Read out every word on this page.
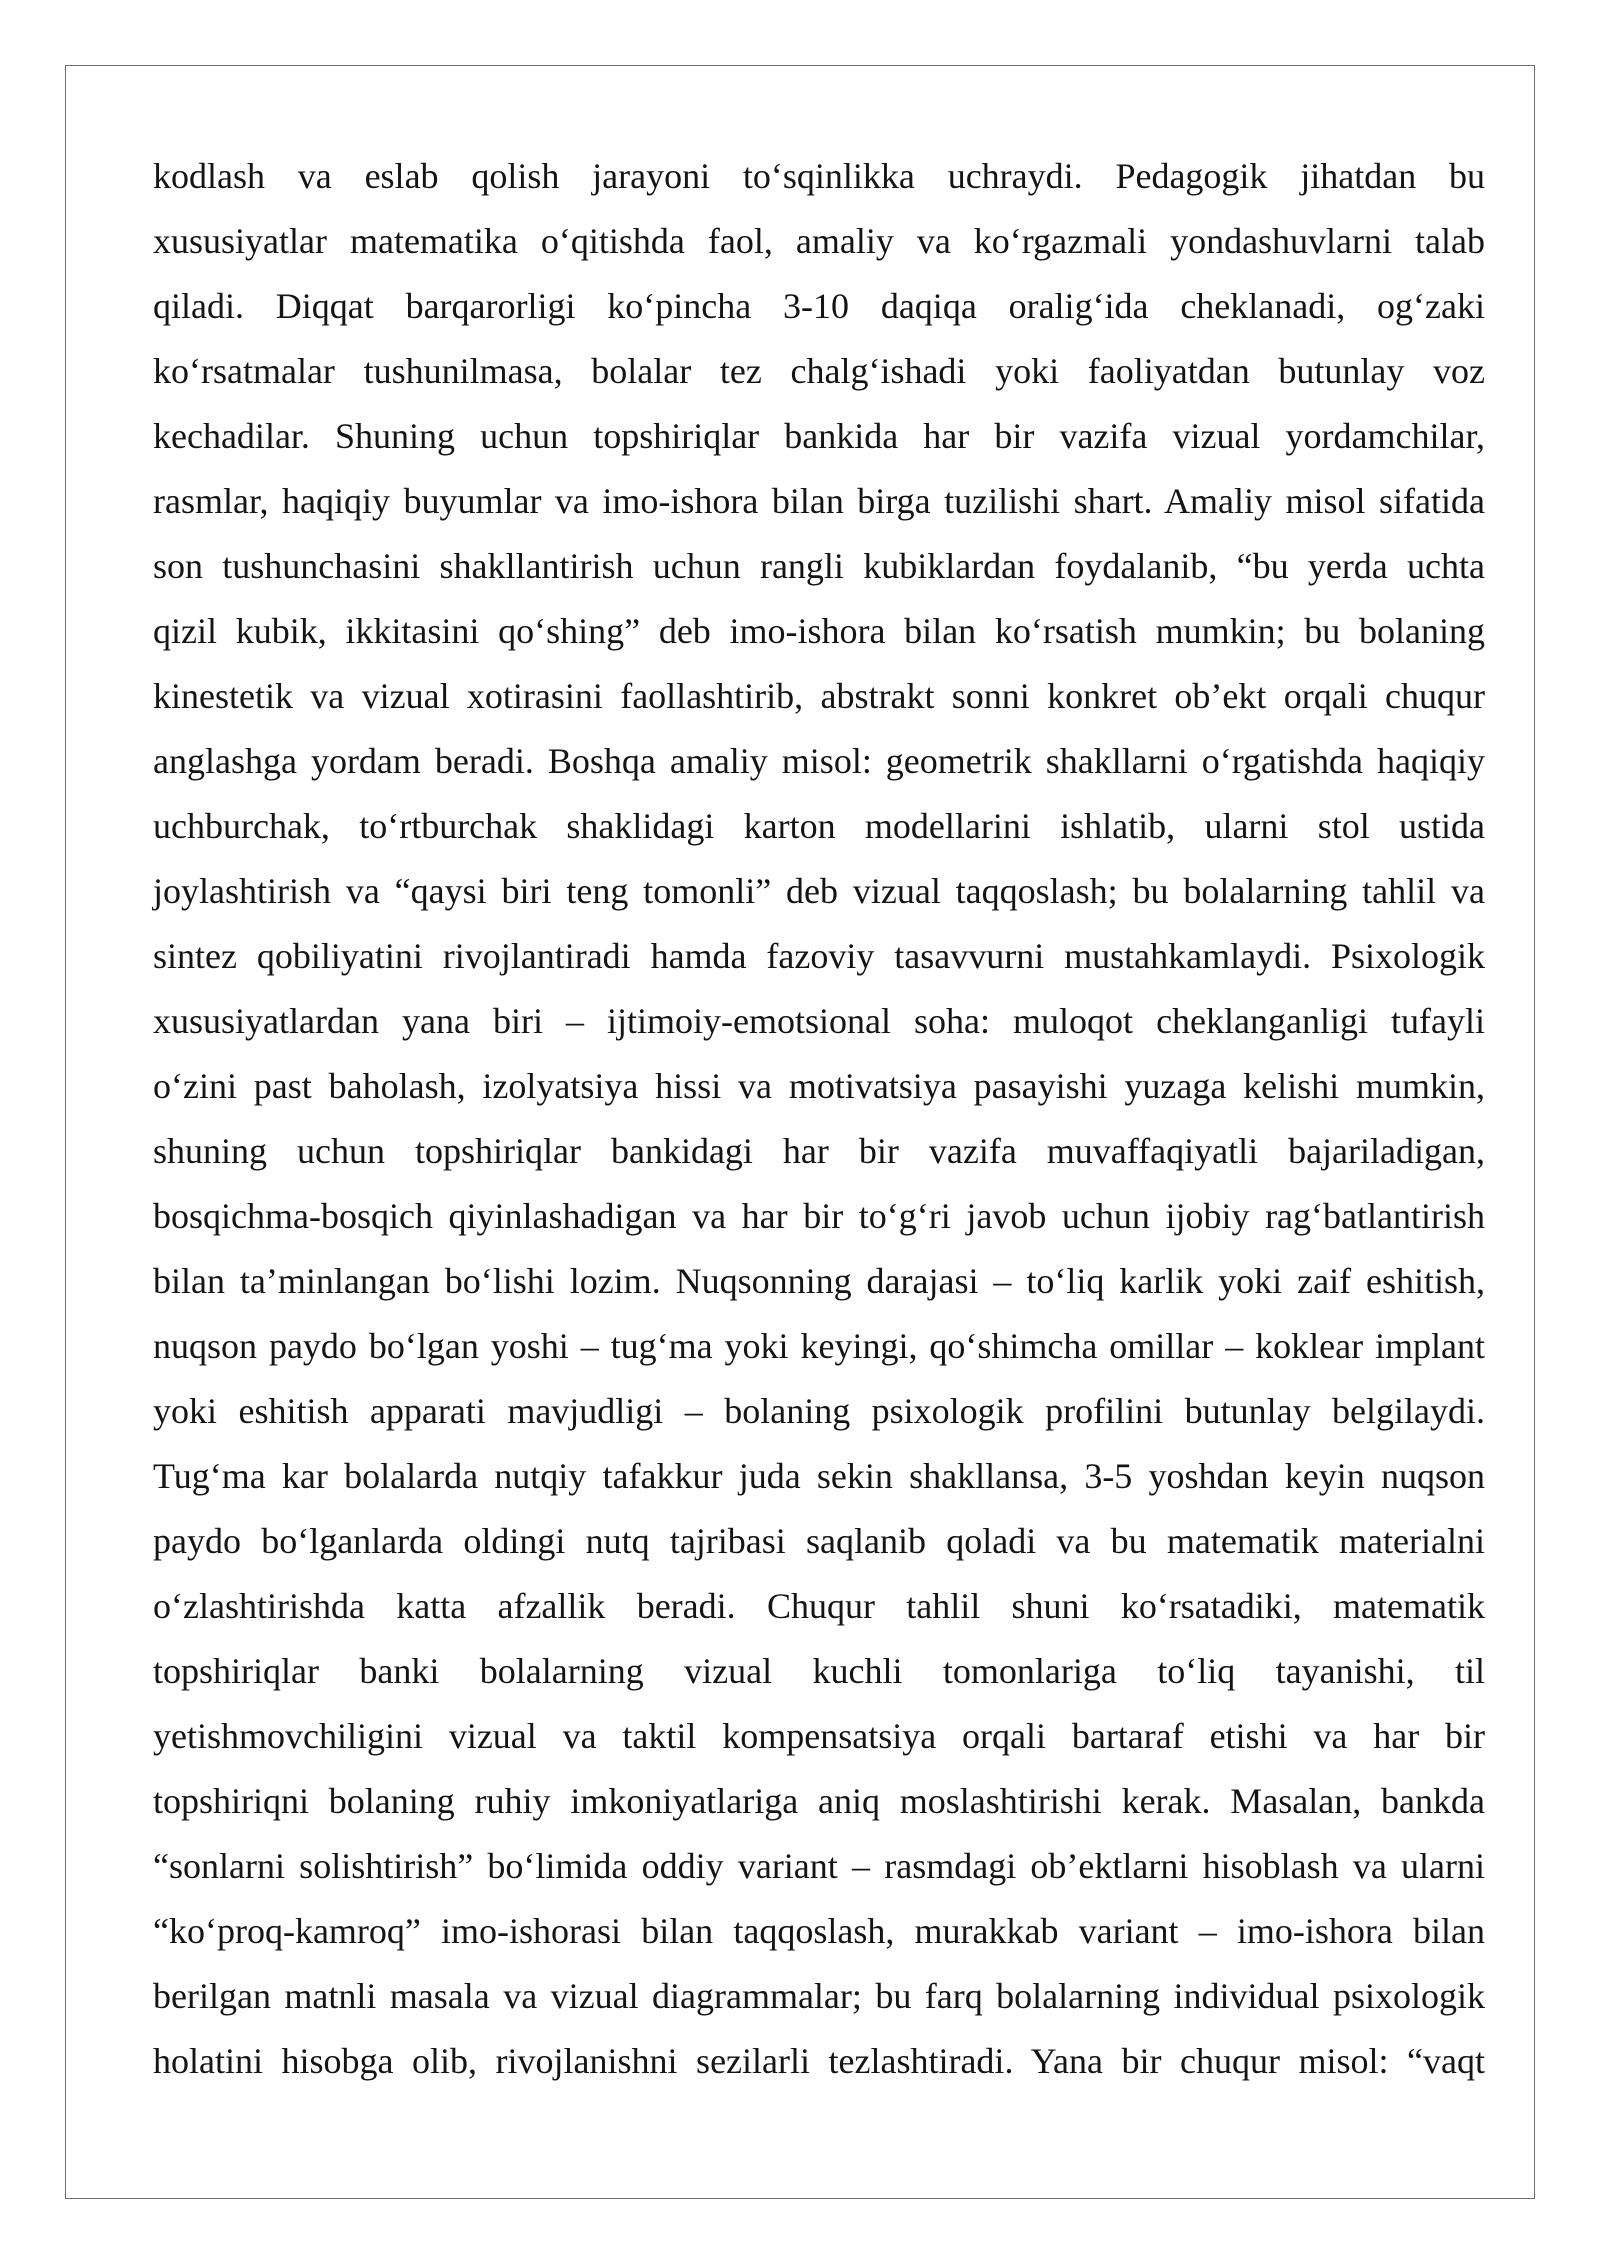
kodlash va eslab qolish jarayoni to‘sqinlikka uchraydi. Pedagogik jihatdan bu
xususiyatlar matematika o‘qitishda faol, amaliy va ko‘rgazmali yondashuvlarni talab
qiladi. Diqqat barqarorligi ko‘pincha 3-10 daqiqa oralig‘ida cheklanadi, og‘zaki
ko‘rsatmalar tushunilmasa, bolalar tez chalg‘ishadi yoki faoliyatdan butunlay voz
kechadilar. Shuning uchun topshiriqlar bankida har bir vazifa vizual yordamchilar,
rasmlar, haqiqiy buyumlar va imo-ishora bilan birga tuzilishi shart. Amaliy misol sifatida
son tushunchasini shakllantirish uchun rangli kubiklardan foydalanib, “bu yerda uchta
qizil kubik, ikkitasini qo‘shing” deb imo-ishora bilan ko‘rsatish mumkin; bu bolaning
kinestetik va vizual xotirasini faollashtirib, abstrakt sonni konkret ob’ekt orqali chuqur
anglashga yordam beradi. Boshqa amaliy misol: geometrik shakllarni o‘rgatishda haqiqiy
uchburchak, to‘rtburchak shaklidagi karton modellarini ishlatib, ularni stol ustida
joylashtirish va “qaysi biri teng tomonli” deb vizual taqqoslash; bu bolalarning tahlil va
sintez qobiliyatini rivojlantiradi hamda fazoviy tasavvurni mustahkamlaydi. Psixologik
xususiyatlardan yana biri – ijtimoiy-emotsional soha: muloqot cheklanganligi tufayli
o‘zini past baholash, izolyatsiya hissi va motivatsiya pasayishi yuzaga kelishi mumkin,
shuning uchun topshiriqlar bankidagi har bir vazifa muvaffaqiyatli bajariladigan,
bosqichma-bosqich qiyinlashadigan va har bir to‘g‘ri javob uchun ijobiy rag‘batlantirish
bilan ta’minlangan bo‘lishi lozim. Nuqsonning darajasi – to‘liq karlik yoki zaif eshitish,
nuqson paydo bo‘lgan yoshi – tug‘ma yoki keyingi, qo‘shimcha omillar – koklear implant
yoki eshitish apparati mavjudligi – bolaning psixologik profilini butunlay belgilaydi.
Tug‘ma kar bolalarda nutqiy tafakkur juda sekin shakllansa, 3-5 yoshdan keyin nuqson
paydo bo‘lganlarda oldingi nutq tajribasi saqlanib qoladi va bu matematik materialni
o‘zlashtirishda katta afzallik beradi. Chuqur tahlil shuni ko‘rsatadiki, matematik
topshiriqlar banki bolalarning vizual kuchli tomonlariga to‘liq tayanishi, til
yetishmovchiligini vizual va taktil kompensatsiya orqali bartaraf etishi va har bir
topshiriqni bolaning ruhiy imkoniyatlariga aniq moslashtirishi kerak. Masalan, bankda
“sonlarni solishtirish” bo‘limida oddiy variant – rasmdagi ob’ektlarni hisoblash va ularni
“ko‘proq-kamroq” imo-ishorasi bilan taqqoslash, murakkab variant – imo-ishora bilan
berilgan matnli masala va vizual diagrammalar; bu farq bolalarning individual psixologik
holatini hisobga olib, rivojlanishni sezilarli tezlashtiradi. Yana bir chuqur misol: “vaqt
